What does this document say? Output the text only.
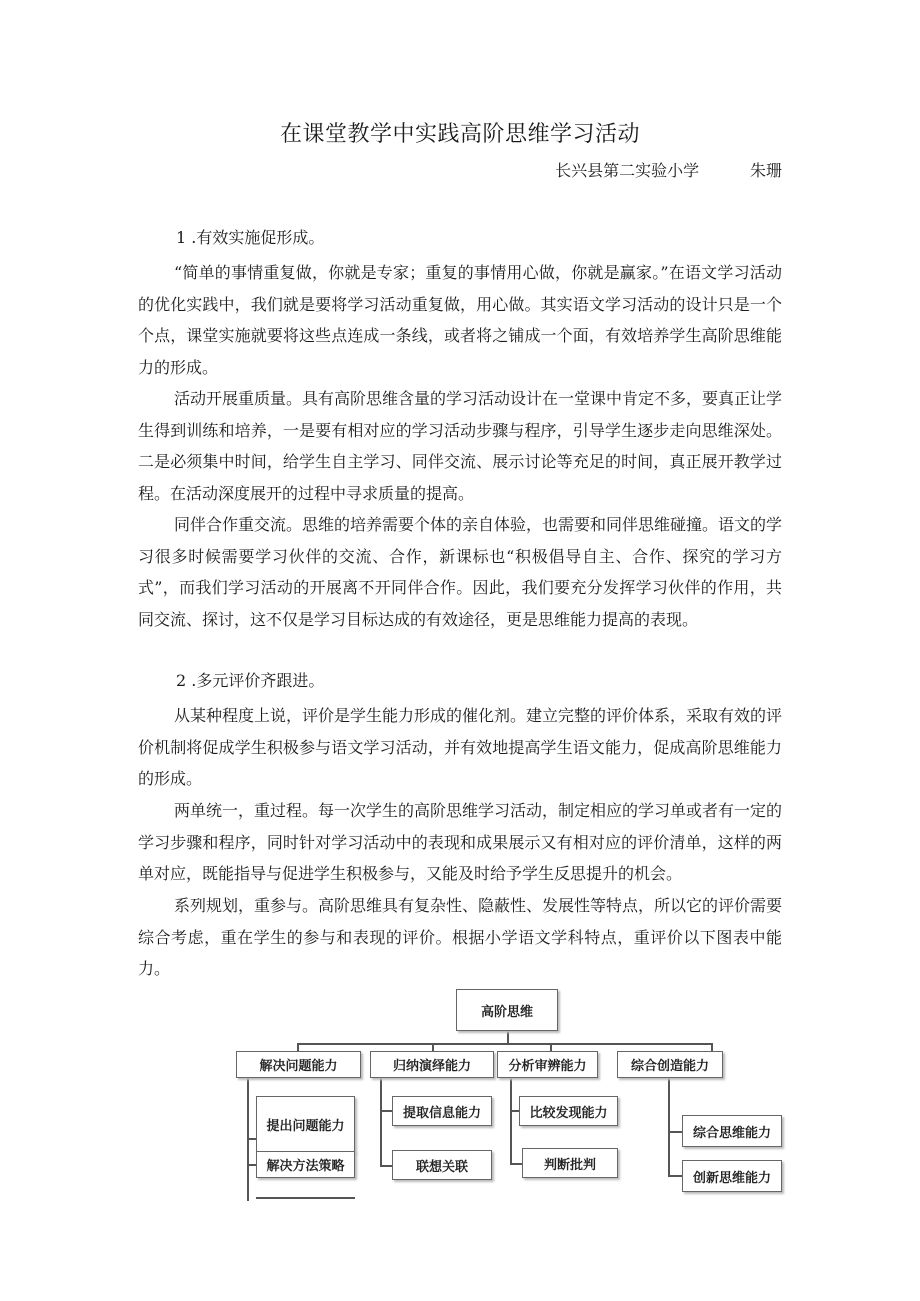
在课堂教学中实践高阶思维学习活动
长兴县第二实验小学          朱珊
1 .有效实施促形成。

“简单的事情重复做，你就是专家；重复的事情用心做，你就是赢家。”在语文学习活动的优化实践中，我们就是要将学习活动重复做，用心做。其实语文学习活动的设计只是一个个点，课堂实施就要将这些点连成一条线，或者将之铺成一个面，有效培养学生高阶思维能力的形成。

活动开展重质量。具有高阶思维含量的学习活动设计在一堂课中肯定不多，要真正让学生得到训练和培养，一是要有相对应的学习活动步骤与程序，引导学生逐步走向思维深处。二是必须集中时间，给学生自主学习、同伴交流、展示讨论等充足的时间，真正展开教学过程。在活动深度展开的过程中寻求质量的提高。

同伴合作重交流。思维的培养需要个体的亲自体验，也需要和同伴思维碰撞。语文的学习很多时候需要学习伙伴的交流、合作，新课标也“积极倡导自主、合作、探究的学习方式”，而我们学习活动的开展离不开同伴合作。因此，我们要充分发挥学习伙伴的作用，共同交流、探讨，这不仅是学习目标达成的有效途径，更是思维能力提高的表现。

2 .多元评价齐跟进。

从某种程度上说，评价是学生能力形成的催化剂。建立完整的评价体系，采取有效的评价机制将促成学生积极参与语文学习活动，并有效地提高学生语文能力，促成高阶思维能力的形成。

两单统一，重过程。每一次学生的高阶思维学习活动，制定相应的学习单或者有一定的学习步骤和程序，同时针对学习活动中的表现和成果展示又有相对应的评价清单，这样的两单对应，既能指导与促进学生积极参与，又能及时给予学生反思提升的机会。

系列规划，重参与。高阶思维具有复杂性、隐蔽性、发展性等特点，所以它的评价需要综合考虑，重在学生的参与和表现的评价。根据小学语文学科特点，重评价以下图表中能力。

高阶思维
解决问题能力	归纳演绎能力	分析审辨能力	综合创造能力
提出问题能力
解决方法策略
提取信息能力
联想关联
比较发现能力
判断批判
综合思维能力
创新思维能力
